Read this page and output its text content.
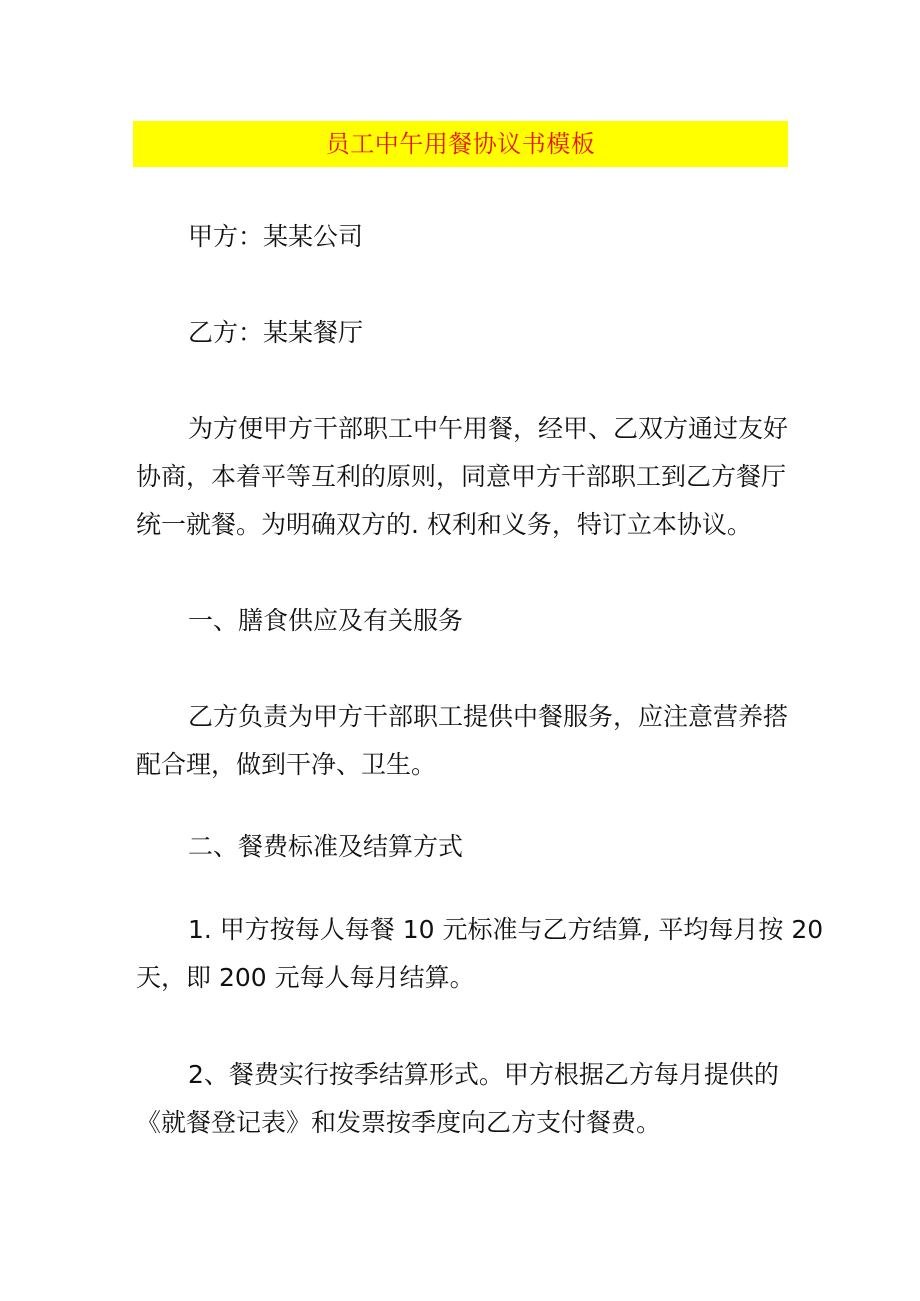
员工中午用餐协议书模板
甲方：某某公司
乙方：某某餐厅
为方便甲方干部职工中午用餐，经甲、乙双方通过友好
协商，本着平等互利的原则，同意甲方干部职工到乙方餐厅
统一就餐。为明确双方的. 权利和义务，特订立本协议。
一、膳食供应及有关服务
乙方负责为甲方干部职工提供中餐服务，应注意营养搭
配合理，做到干净、卫生。
二、餐费标准及结算方式
1. 甲方按每人每餐 10 元标准与乙方结算, 平均每月按 20
天，即 200 元每人每月结算。
2、餐费实行按季结算形式。甲方根据乙方每月提供的
《就餐登记表》和发票按季度向乙方支付餐费。
